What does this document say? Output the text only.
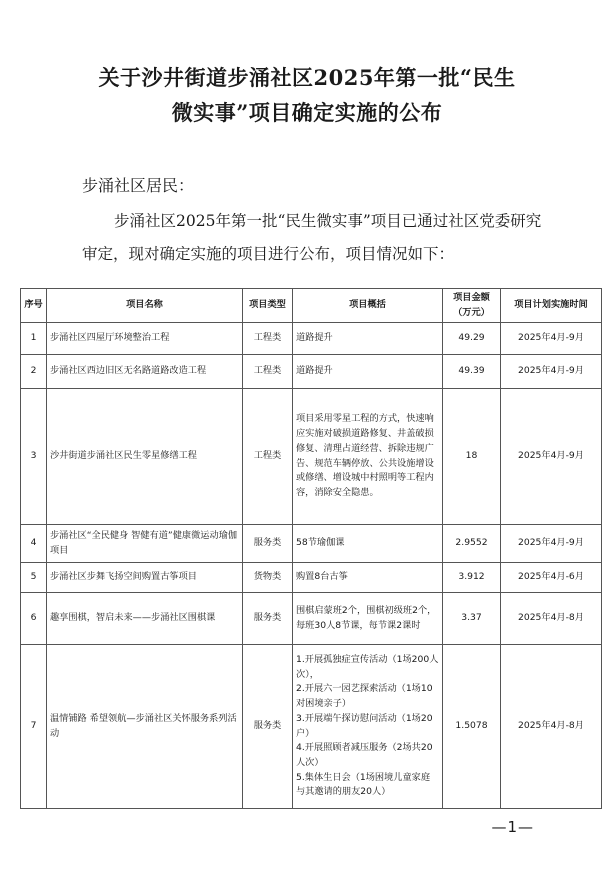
关于沙井街道步涌社区2025年第一批“民生
微实事”项目确定实施的公布
步涌社区居民：
步涌社区2025年第一批“民生微实事”项目已通过社区党委研究审定，现对确定实施的项目进行公布，项目情况如下：
序号	项目名称	项目类型	项目概括	项目金额（万元）	项目计划实施时间
1	步涌社区四屋厅环境整治工程	工程类	道路提升	49.29	2025年4月-9月
2	步涌社区西边旧区无名路道路改造工程	工程类	道路提升	49.39	2025年4月-9月
3	沙井街道步涌社区民生零星修缮工程	工程类	项目采用零星工程的方式，快速响应实施对破损道路修复、井盖破损修复、清理占道经营、拆除违规广告、规范车辆停放、公共设施增设或修缮、增设城中村照明等工程内容，消除安全隐患。	18	2025年4月-9月
4	步涌社区“全民健身 智健有道”健康微运动瑜伽项目	服务类	58节瑜伽课	2.9552	2025年4月-9月
5	步涌社区步舞飞扬空间购置古筝项目	货物类	购置8台古筝	3.912	2025年4月-6月
6	趣享围棋，智启未来——步涌社区围棋课	服务类	围棋启蒙班2个，围棋初级班2个，每班30人8节课，每节课2课时	3.37	2025年4月-8月
7	温情铺路 希望领航—步涌社区关怀服务系列活动	服务类	1.开展孤独症宣传活动（1场200人次），
2.开展六一园艺探索活动（1场10对困境亲子）
3.开展端午探访慰问活动（1场20户）
4.开展照顾者减压服务（2场共20人次）
5.集体生日会（1场困境儿童家庭与其邀请的朋友20人）	1.5078	2025年4月-8月
—1—
